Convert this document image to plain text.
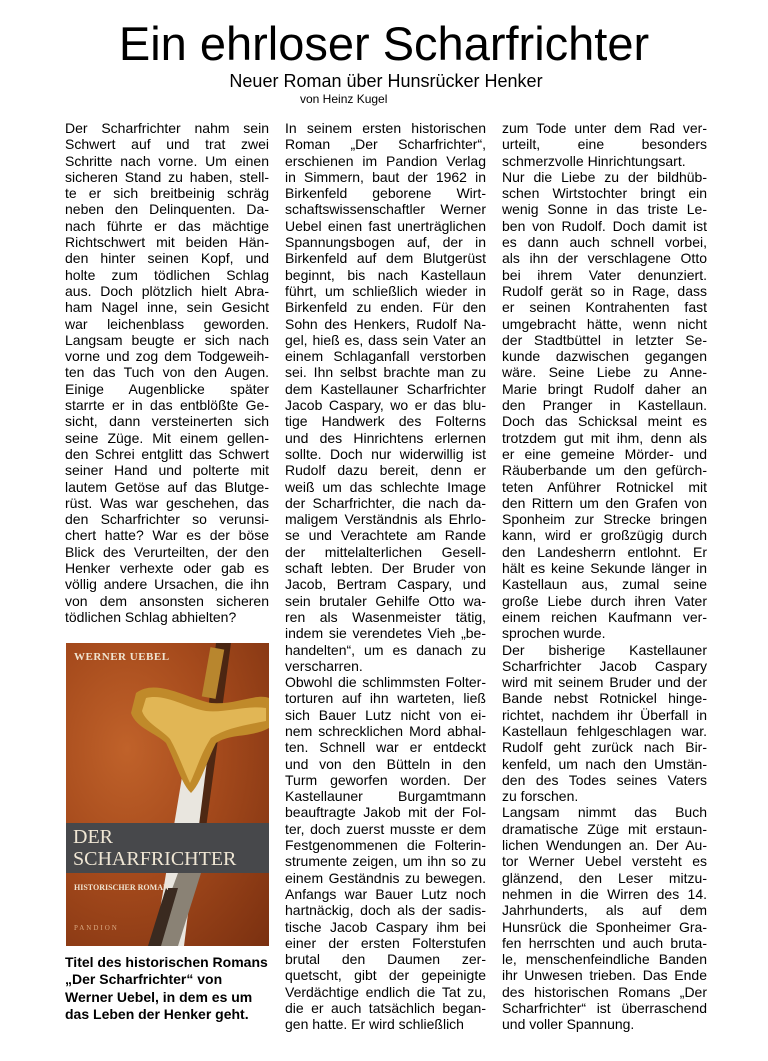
Ein ehrloser Scharfrichter
Neuer Roman über Hunsrücker Henker
von Heinz Kugel
Der Scharfrichter nahm sein
Schwert auf und trat zwei
Schritte nach vorne. Um einen
sicheren Stand zu haben, stell-
te er sich breitbeinig schräg
neben den Delinquenten. Da-
nach führte er das mächtige
Richtschwert mit beiden Hän-
den hinter seinen Kopf, und
holte zum tödlichen Schlag
aus. Doch plötzlich hielt Abra-
ham Nagel inne, sein Gesicht
war leichenblass geworden.
Langsam beugte er sich nach
vorne und zog dem Todgeweih-
ten das Tuch von den Augen.
Einige Augenblicke später
starrte er in das entblößte Ge-
sicht, dann versteinerten sich
seine Züge. Mit einem gellen-
den Schrei entglitt das Schwert
seiner Hand und polterte mit
lautem Getöse auf das Blutge-
rüst. Was war geschehen, das
den Scharfrichter so verunsi-
chert hatte? War es der böse
Blick des Verurteilten, der den
Henker verhexte oder gab es
völlig andere Ursachen, die ihn
von dem ansonsten sicheren
tödlichen Schlag abhielten?
In seinem ersten historischen
Roman „Der Scharfrichter“,
erschienen im Pandion Verlag
in Simmern, baut der 1962 in
Birkenfeld geborene Wirt-
schaftswissenschaftler Werner
Uebel einen fast unerträglichen
Spannungsbogen auf, der in
Birkenfeld auf dem Blutgerüst
beginnt, bis nach Kastellaun
führt, um schließlich wieder in
Birkenfeld zu enden. Für den
Sohn des Henkers, Rudolf Na-
gel, hieß es, dass sein Vater an
einem Schlaganfall verstorben
sei. Ihn selbst brachte man zu
dem Kastellauner Scharfrichter
Jacob Caspary, wo er das blu-
tige Handwerk des Folterns
und des Hinrichtens erlernen
sollte. Doch nur widerwillig ist
Rudolf dazu bereit, denn er
weiß um das schlechte Image
der Scharfrichter, die nach da-
maligem Verständnis als Ehrlo-
se und Verachtete am Rande
der mittelalterlichen Gesell-
schaft lebten. Der Bruder von
Jacob, Bertram Caspary, und
sein brutaler Gehilfe Otto wa-
ren als Wasenmeister tätig,
indem sie verendetes Vieh „be-
handelten“, um es danach zu
verscharren.
Obwohl die schlimmsten Folter-
torturen auf ihn warteten, ließ
sich Bauer Lutz nicht von ei-
nem schrecklichen Mord abhal-
ten. Schnell war er entdeckt
und von den Bütteln in den
Turm geworfen worden. Der
Kastellauner Burgamtmann
beauftragte Jakob mit der Fol-
ter, doch zuerst musste er dem
Festgenommenen die Folterin-
strumente zeigen, um ihn so zu
einem Geständnis zu bewegen.
Anfangs war Bauer Lutz noch
hartnäckig, doch als der sadis-
tische Jacob Caspary ihm bei
einer der ersten Folterstufen
brutal den Daumen zer-
quetscht, gibt der gepeinigte
Verdächtige endlich die Tat zu,
die er auch tatsächlich began-
gen hatte. Er wird schließlich
zum Tode unter dem Rad ver-
urteilt, eine besonders
schmerzvolle Hinrichtungsart.
Nur die Liebe zu der bildhüb-
schen Wirtstochter bringt ein
wenig Sonne in das triste Le-
ben von Rudolf. Doch damit ist
es dann auch schnell vorbei,
als ihn der verschlagene Otto
bei ihrem Vater denunziert.
Rudolf gerät so in Rage, dass
er seinen Kontrahenten fast
umgebracht hätte, wenn nicht
der Stadtbüttel in letzter Se-
kunde dazwischen gegangen
wäre. Seine Liebe zu Anne-
Marie bringt Rudolf daher an
den Pranger in Kastellaun.
Doch das Schicksal meint es
trotzdem gut mit ihm, denn als
er eine gemeine Mörder- und
Räuberbande um den gefürch-
teten Anführer Rotnickel mit
den Rittern um den Grafen von
Sponheim zur Strecke bringen
kann, wird er großzügig durch
den Landesherrn entlohnt. Er
hält es keine Sekunde länger in
Kastellaun aus, zumal seine
große Liebe durch ihren Vater
einem reichen Kaufmann ver-
sprochen wurde.
Der bisherige Kastellauner
Scharfrichter Jacob Caspary
wird mit seinem Bruder und der
Bande nebst Rotnickel hinge-
richtet, nachdem ihr Überfall in
Kastellaun fehlgeschlagen war.
Rudolf geht zurück nach Bir-
kenfeld, um nach den Umstän-
den des Todes seines Vaters
zu forschen.
Langsam nimmt das Buch
dramatische Züge mit erstaun-
lichen Wendungen an. Der Au-
tor Werner Uebel versteht es
glänzend, den Leser mitzu-
nehmen in die Wirren des 14.
Jahrhunderts, als auf dem
Hunsrück die Sponheimer Gra-
fen herrschten und auch bruta-
le, menschenfeindliche Banden
ihr Unwesen trieben. Das Ende
des historischen Romans „Der
Scharfrichter“ ist überraschend
und voller Spannung.
WERNER UEBEL
DER
SCHARFRICHTER
HISTORISCHER ROMAN
PANDION
Titel des historischen Romans „Der Scharfrichter“ von Werner Uebel, in dem es um das Leben der Henker geht.
